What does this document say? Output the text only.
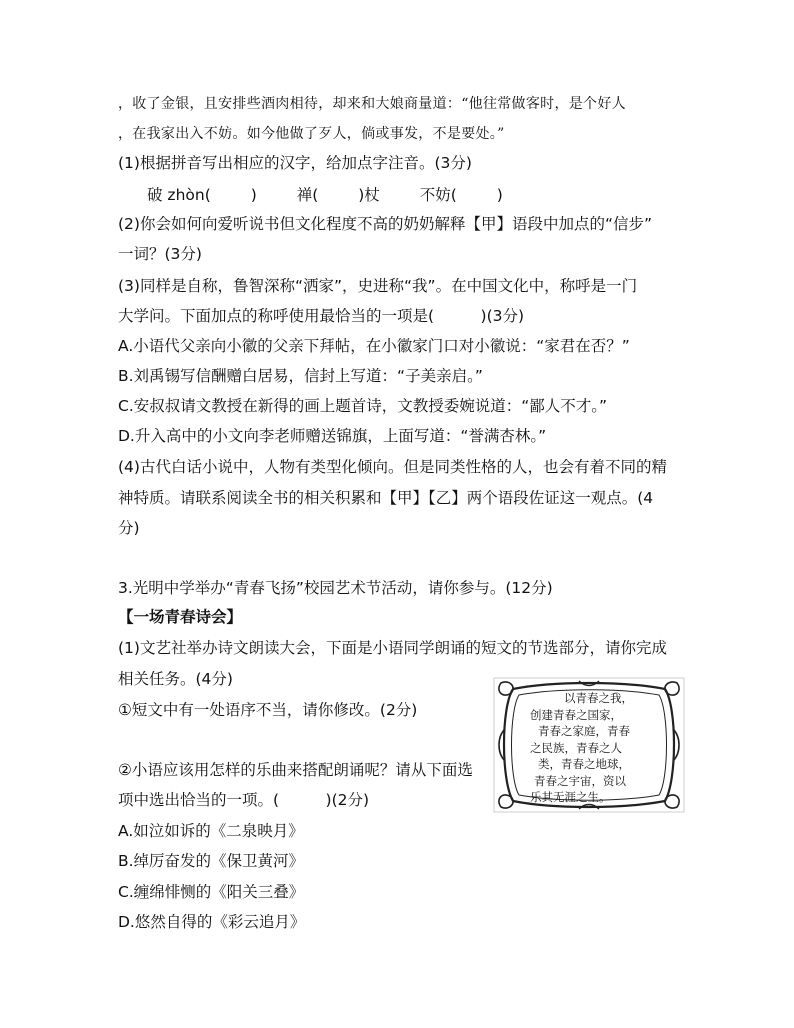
，收了金银，且安排些酒肉相待，却来和大娘商量道：“他往常做客时，是个好人
，在我家出入不妨。如今他做了歹人，倘或事发，不是要处。”
(1)根据拼音写出相应的汉字，给加点字注音。(3分)
破 zhòn(	)	禅(	)杖	不妨(	)
(2)你会如何向爱听说书但文化程度不高的奶奶解释【甲】语段中加点的“信步”
一词？(3分)
(3)同样是自称，鲁智深称“洒家”，史进称“我”。在中国文化中，称呼是一门
大学问。下面加点的称呼使用最恰当的一项是(　　　)(3分)
A.小语代父亲向小徽的父亲下拜帖，在小徽家门口对小徽说：“家君在否？”
B.刘禹锡写信酬赠白居易，信封上写道：“子美亲启。”
C.安叔叔请文教授在新得的画上题首诗，文教授委婉说道：“鄙人不才。”
D.升入高中的小文向李老师赠送锦旗，上面写道：“誉满杏林。”
(4)古代白话小说中，人物有类型化倾向。但是同类性格的人，也会有着不同的精
神特质。请联系阅读全书的相关积累和【甲】【乙】两个语段佐证这一观点。(4
分)
3.光明中学举办“青春飞扬”校园艺术节活动，请你参与。(12分)
【一场青春诗会】
(1)文艺社举办诗文朗读大会，下面是小语同学朗诵的短文的节选部分，请你完成
相关任务。(4分)
①短文中有一处语序不当，请你修改。(2分)
②小语应该用怎样的乐曲来搭配朗诵呢？请从下面选
项中选出恰当的一项。(　　　)(2分)
A.如泣如诉的《二泉映月》
B.绰厉奋发的《保卫黄河》
C.缠绵悱恻的《阳关三叠》
D.悠然自得的《彩云追月》
以青春之我，
创建青春之国家，
青春之家庭，青春
之民族，青春之人
类，青春之地球，
青春之宇宙，资以
乐其无涯之生。
